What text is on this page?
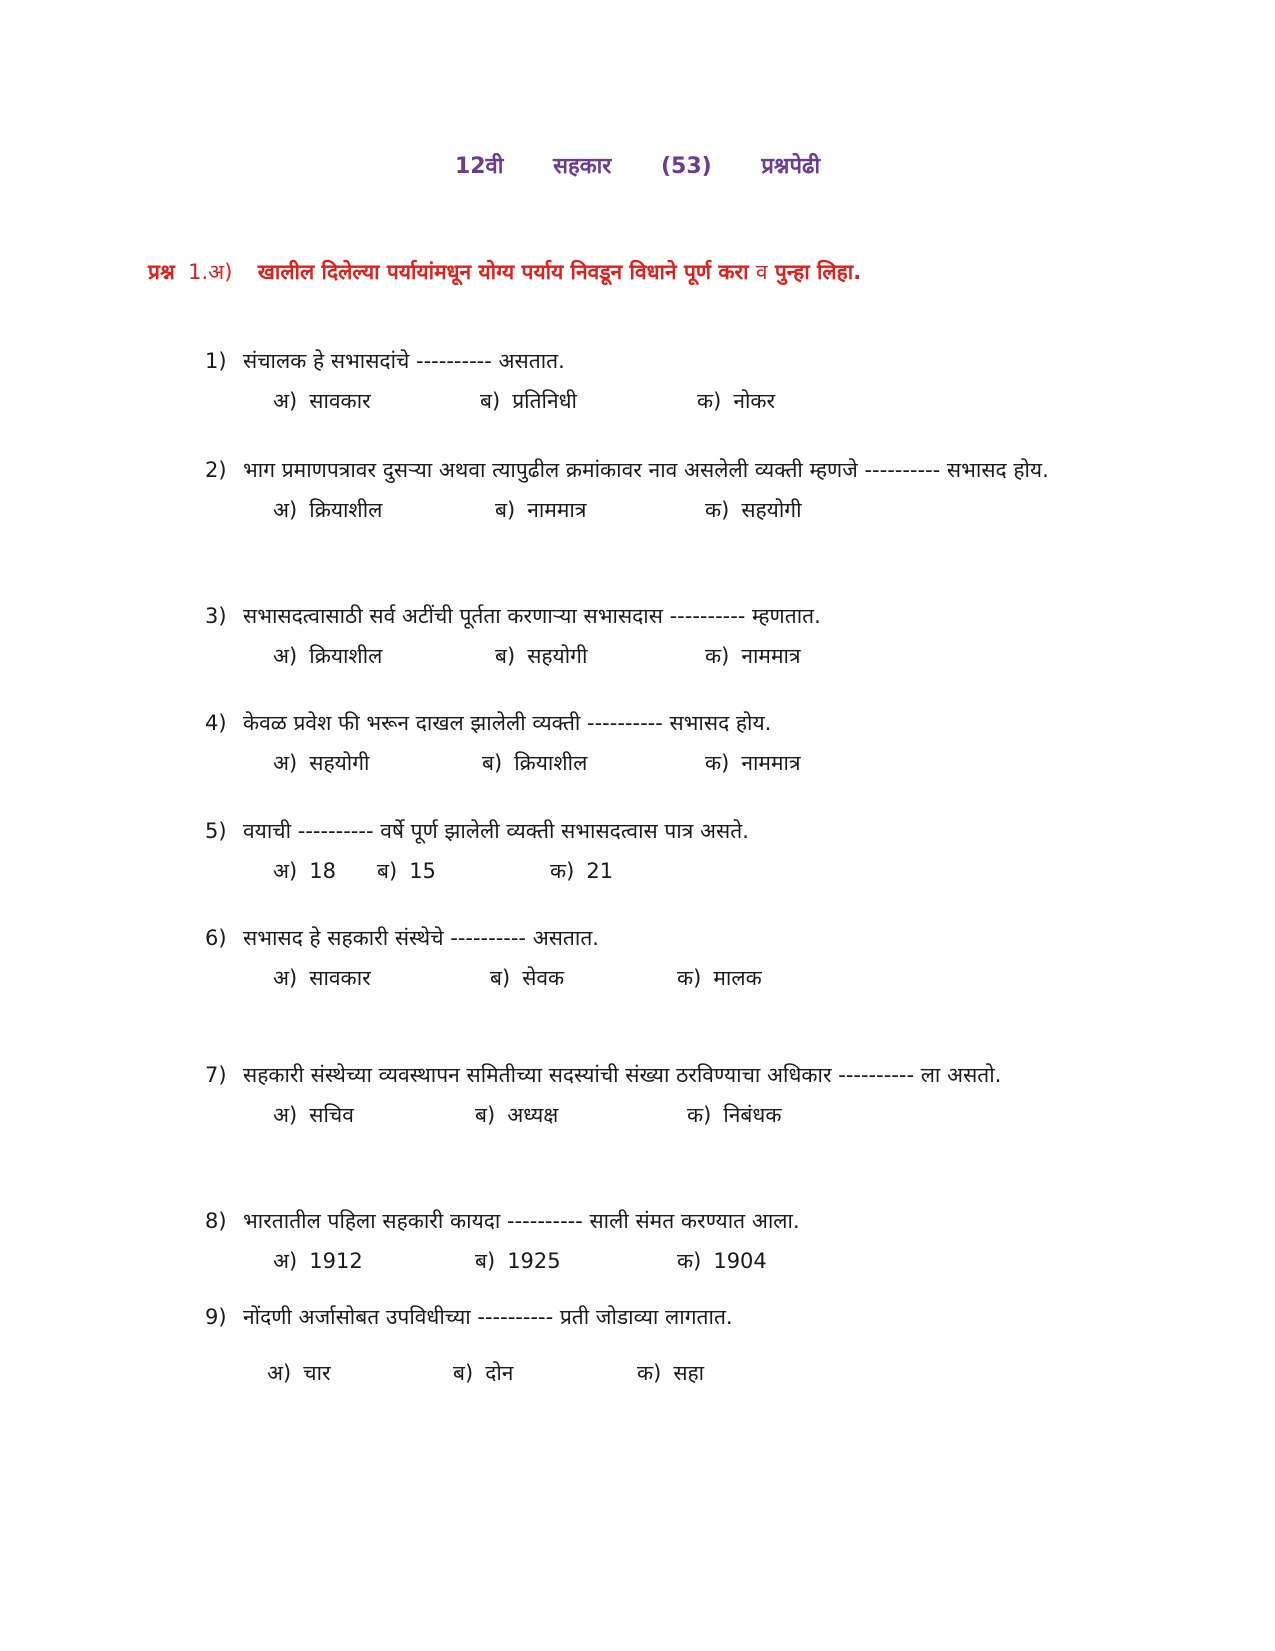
12वी सहकार (53) प्रश्नपेढी
प्रश्न 1.अ) खालील दिलेल्या पर्यायांमधून योग्य पर्याय निवडून विधाने पूर्ण करा व पुन्हा लिहा.
1) संचालक हे सभासदांचे ---------- असतात.
अ) सावकार	ब) प्रतिनिधी	क) नोकर
2) भाग प्रमाणपत्रावर दुसऱ्या अथवा त्यापुढील क्रमांकावर नाव असलेली व्यक्ती म्हणजे ---------- सभासद होय.
अ) क्रियाशील	ब) नाममात्र	क) सहयोगी
3) सभासदत्वासाठी सर्व अटींची पूर्तता करणाऱ्या सभासदास ---------- म्हणतात.
अ) क्रियाशील	ब) सहयोगी	क) नाममात्र
4) केवळ प्रवेश फी भरून दाखल झालेली व्यक्ती ---------- सभासद होय.
अ) सहयोगी	ब) क्रियाशील	क) नाममात्र
5) वयाची ---------- वर्षे पूर्ण झालेली व्यक्ती सभासदत्वास पात्र असते.
अ) 18 ब) 15	क) 21
6) सभासद हे सहकारी संस्थेचे ---------- असतात.
अ) सावकार	ब) सेवक	क) मालक
7) सहकारी संस्थेच्या व्यवस्थापन समितीच्या सदस्यांची संख्या ठरविण्याचा अधिकार ---------- ला असतो.
अ) सचिव	ब) अध्यक्ष	क) निबंधक
8) भारतातील पहिला सहकारी कायदा ---------- साली संमत करण्यात आला.
अ) 1912	ब) 1925	क) 1904
9) नोंदणी अर्जासोबत उपविधीच्या ---------- प्रती जोडाव्या लागतात.
अ) चार	ब) दोन	क) सहा
